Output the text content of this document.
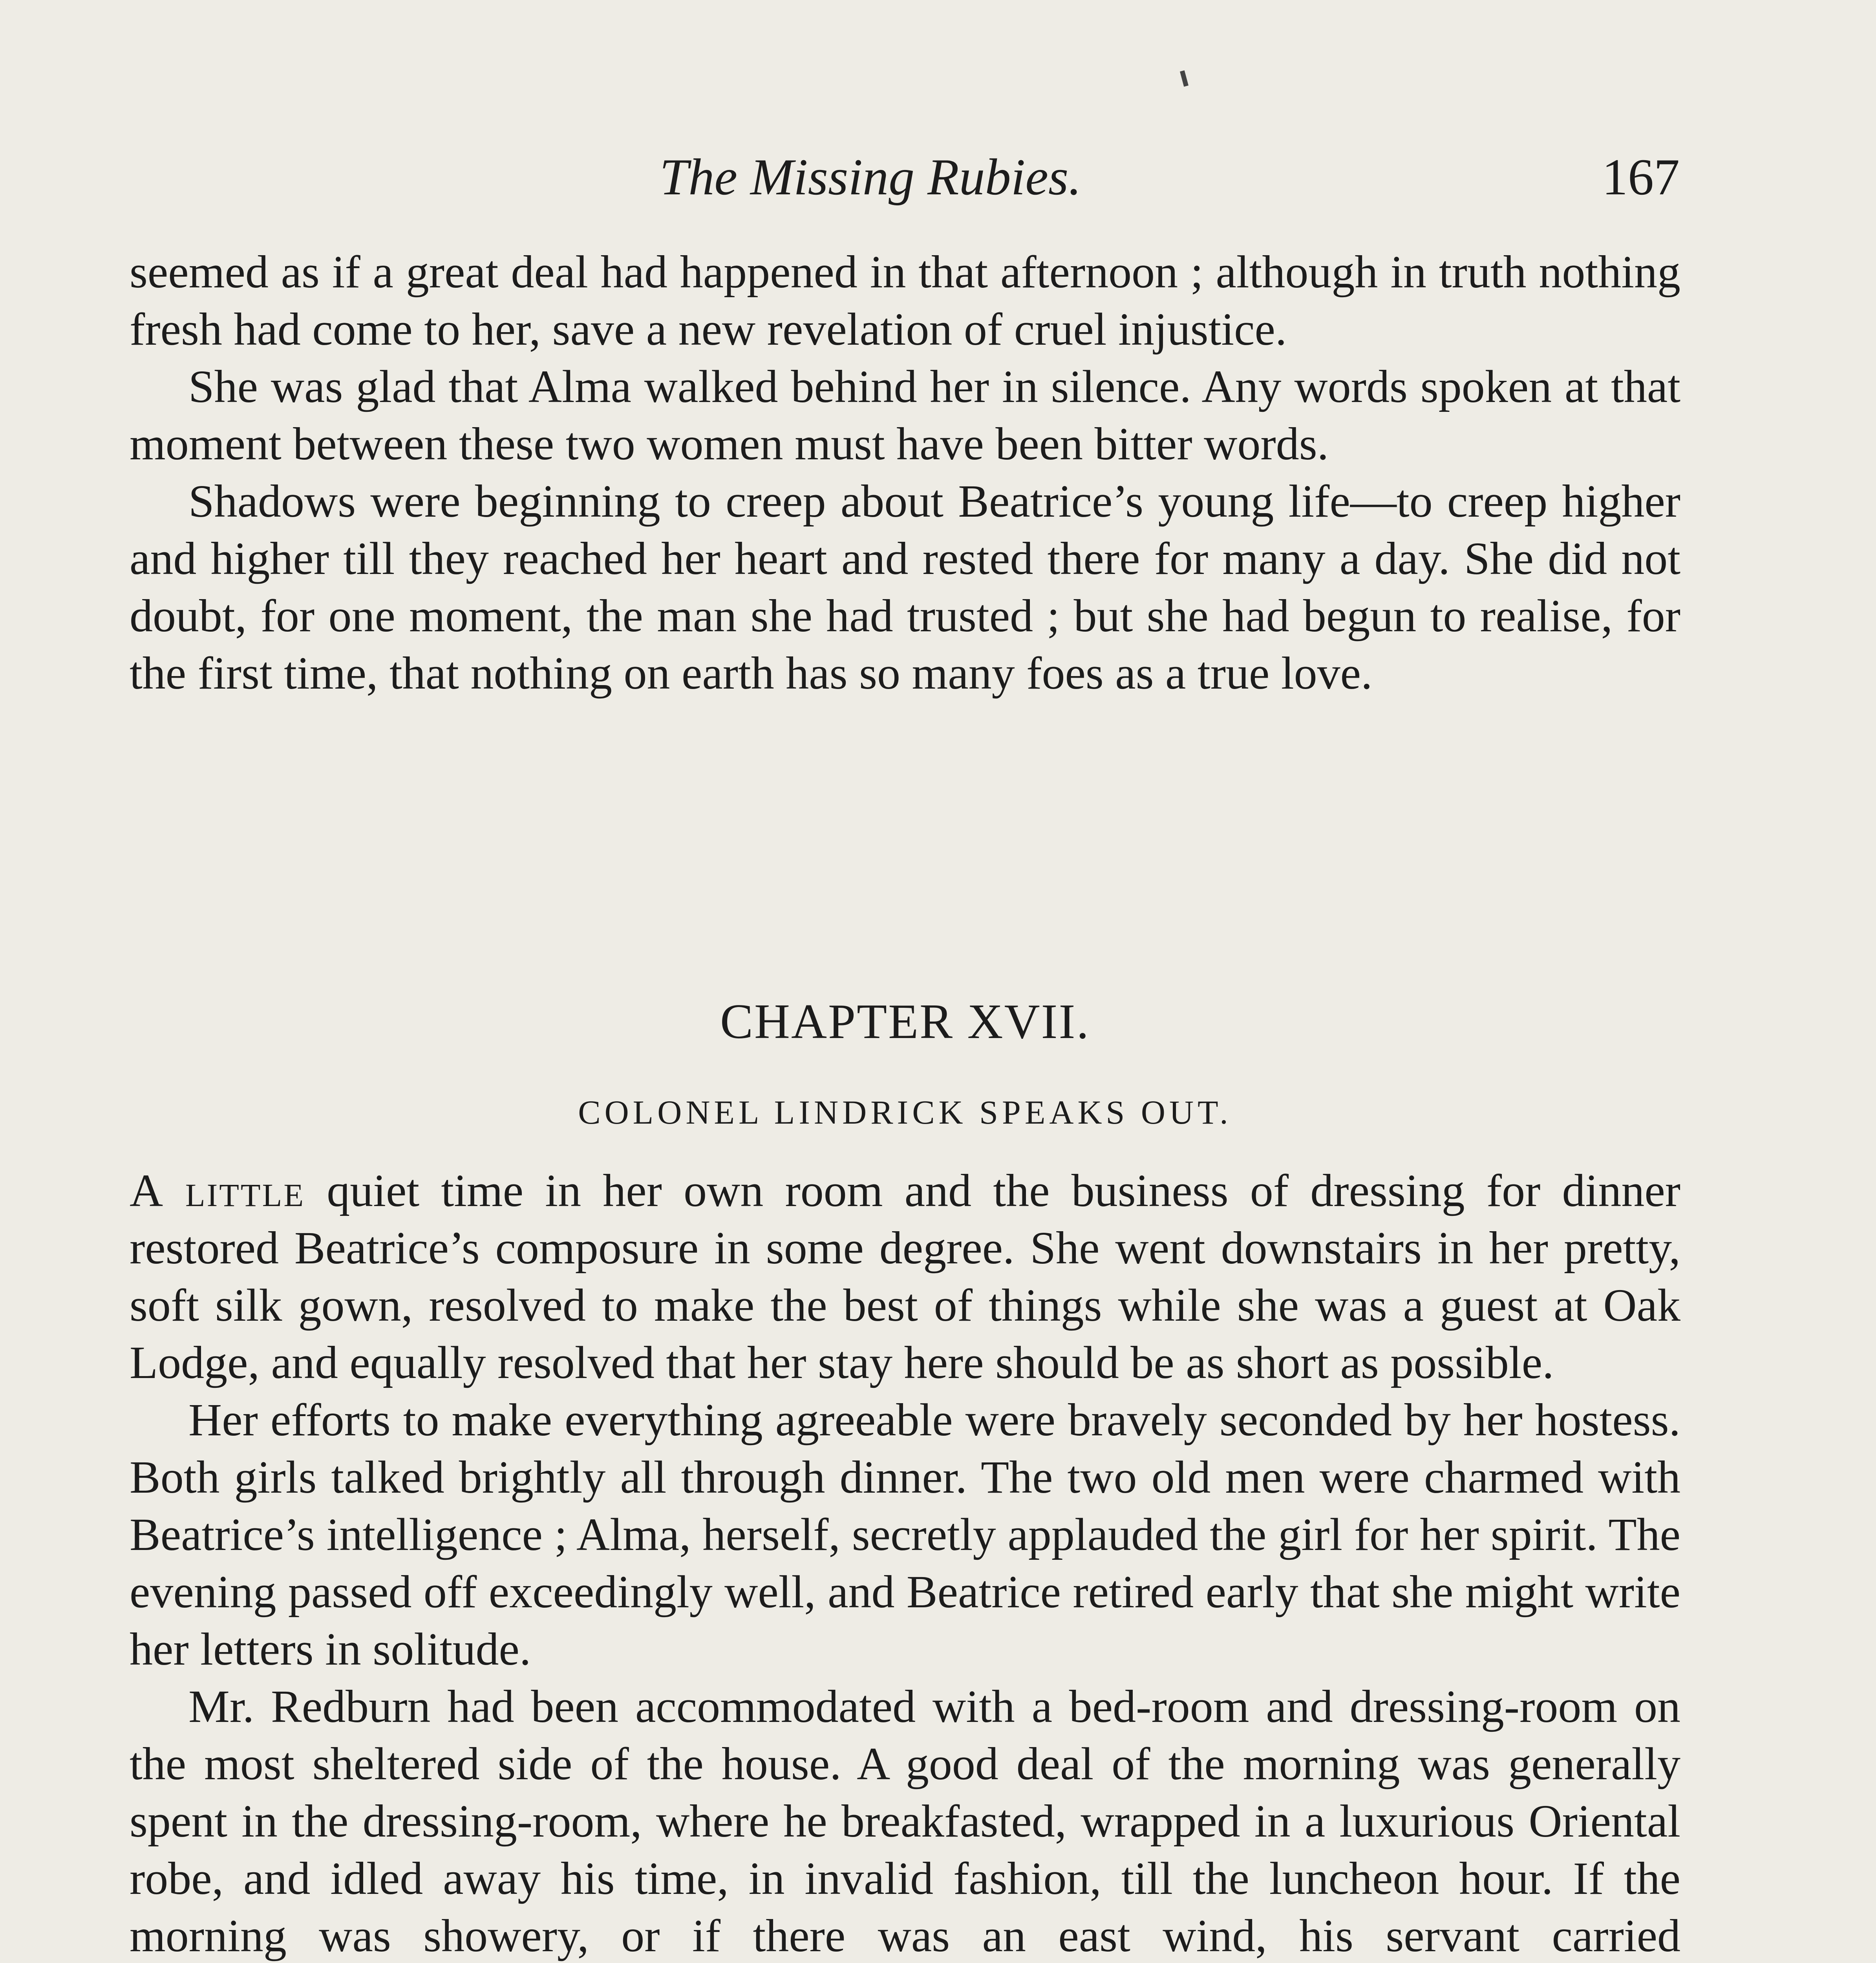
The Missing Rubies.	167

seemed as if a great deal had happened in that afternoon ; although in truth nothing fresh had come to her, save a new revelation of cruel injustice.

She was glad that Alma walked behind her in silence. Any words spoken at that moment between these two women must have been bitter words.

Shadows were beginning to creep about Beatrice’s young life—to creep higher and higher till they reached her heart and rested there for many a day. She did not doubt, for one moment, the man she had trusted ; but she had begun to realise, for the first time, that nothing on earth has so many foes as a true love.

CHAPTER XVII.
COLONEL LINDRICK SPEAKS OUT.

A little quiet time in her own room and the business of dressing for dinner restored Beatrice’s composure in some degree. She went downstairs in her pretty, soft silk gown, resolved to make the best of things while she was a guest at Oak Lodge, and equally resolved that her stay here should be as short as possible.

Her efforts to make everything agreeable were bravely seconded by her hostess. Both girls talked brightly all through dinner. The two old men were charmed with Beatrice’s intelligence ; Alma, herself, secretly applauded the girl for her spirit. The evening passed off exceedingly well, and Beatrice retired early that she might write her letters in solitude.

Mr. Redburn had been accommodated with a bed-room and dressing-room on the most sheltered side of the house. A good deal of the morning was generally spent in the dressing-room, where he breakfasted, wrapped in a luxurious Oriental robe, and idled away his time, in invalid fashion, till the luncheon hour. If the morning was showery, or if there was an east wind, his servant carried
